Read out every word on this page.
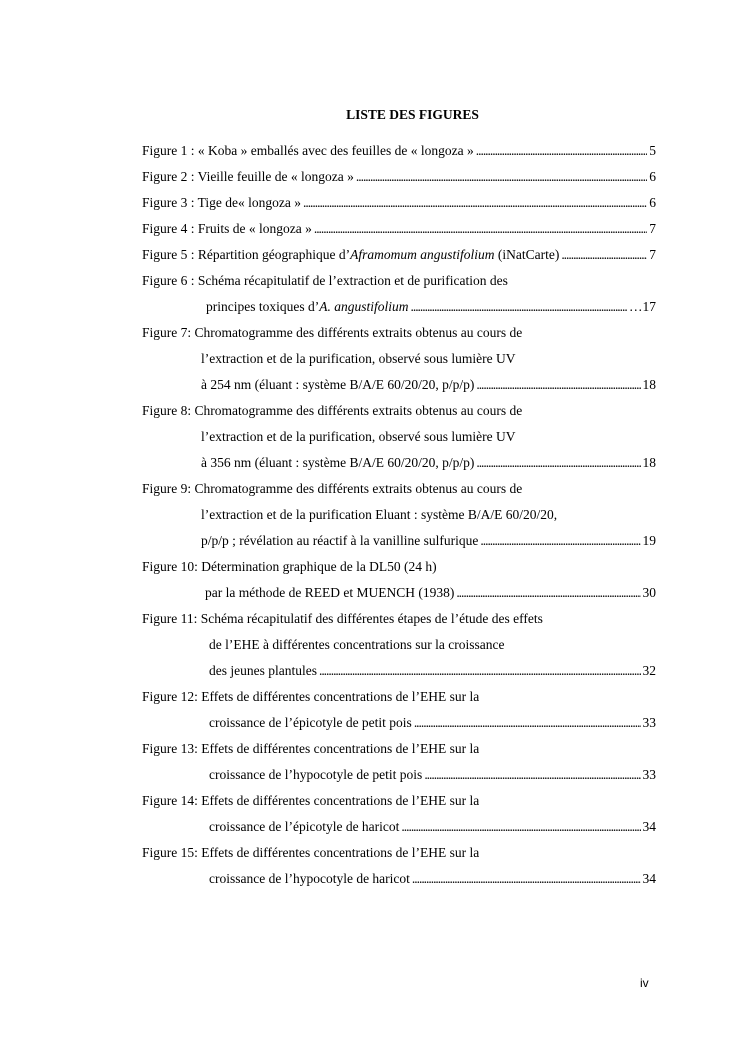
LISTE DES FIGURES
Figure 1 : « Koba » emballés avec des feuilles de « longoza » . . .	5
Figure 2 : Vieille feuille de « longoza » . . .	6
Figure 3 : Tige de« longoza » . . .	6
Figure 4 : Fruits de « longoza » . . .	7
Figure 5 : Répartition géographique d’Aframomum angustifolium (iNatCarte) . . .	7
Figure 6 : Schéma récapitulatif de l’extraction et de purification des
principes toxiques d’A. angustifolium . . .	…17
Figure 7: Chromatogramme des différents extraits obtenus au cours de
l’extraction et de la purification, observé sous lumière UV
à 254 nm (éluant : système B/A/E 60/20/20, p/p/p) . . .	18
Figure 8: Chromatogramme des différents extraits obtenus au cours de
l’extraction et de la purification, observé sous lumière UV
à 356 nm (éluant : système B/A/E 60/20/20, p/p/p) . . .	18
Figure 9: Chromatogramme des différents extraits obtenus au cours de
l’extraction et de la purification Eluant : système B/A/E 60/20/20,
p/p/p ; révélation au réactif à la vanilline sulfurique . . .	19
Figure 10: Détermination graphique de la DL50 (24 h)
par la méthode de REED et MUENCH (1938) . . .	30
Figure 11: Schéma récapitulatif des différentes étapes de l’étude des effets
de l’EHE à différentes concentrations sur la croissance
des jeunes plantules . . .	32
Figure 12: Effets de différentes concentrations de l’EHE sur la
croissance de l’épicotyle de petit pois . . .	33
Figure 13: Effets de différentes concentrations de l’EHE sur la
croissance de l’hypocotyle de petit pois . . .	33
Figure 14: Effets de différentes concentrations de l’EHE sur la
croissance de l’épicotyle de haricot . . .	34
Figure 15: Effets de différentes concentrations de l’EHE sur la
croissance de l’hypocotyle de haricot . . .	34
iv
